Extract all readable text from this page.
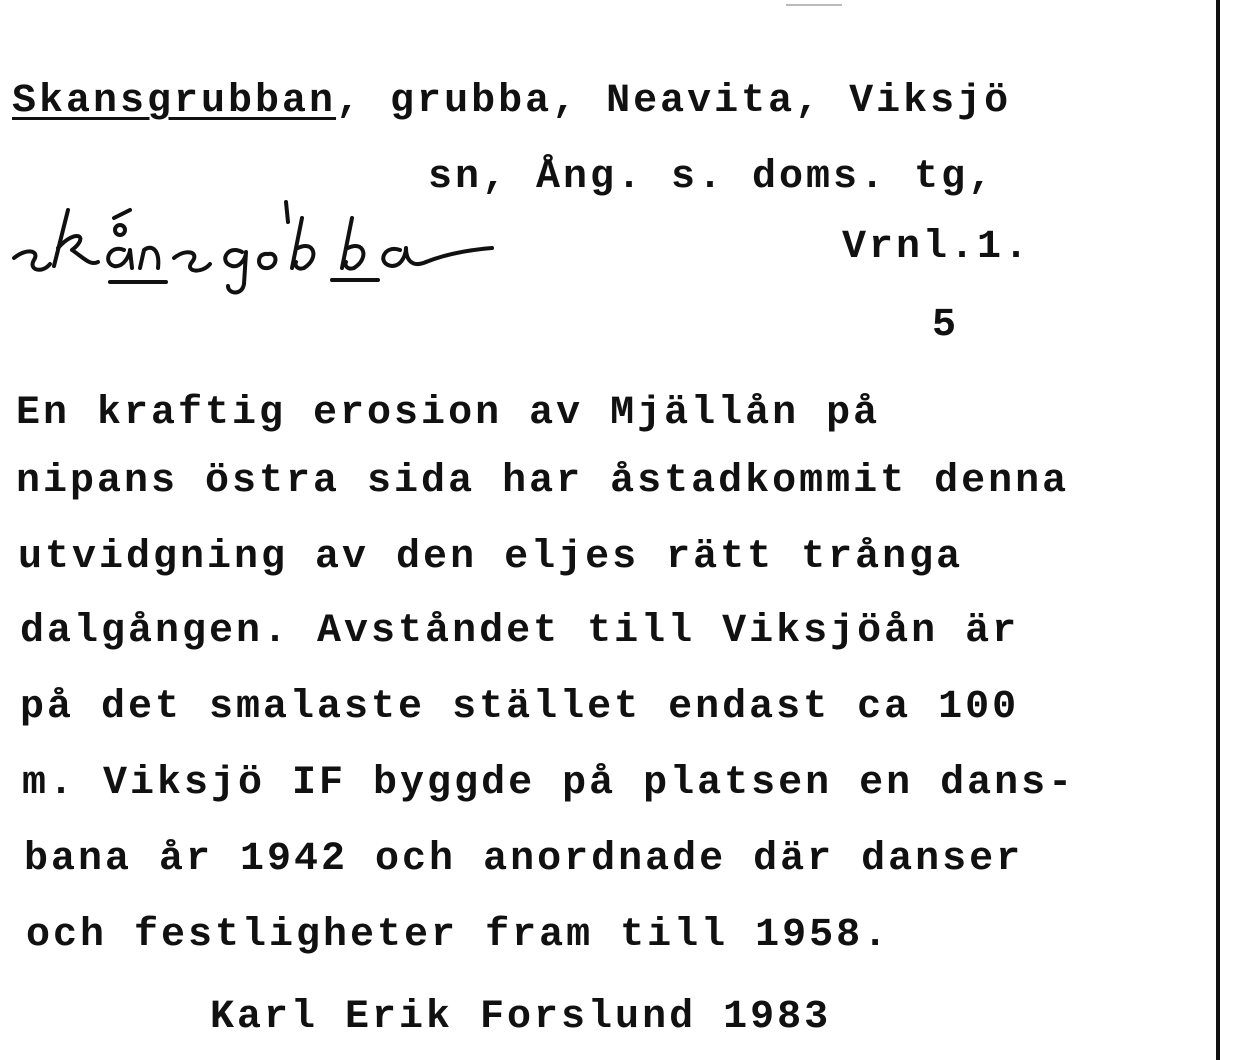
Skansgrubban, grubba, Neavita, Viksjö
sn, Ång. s. doms. tg,
Vrnl.1.
5
En kraftig erosion av Mjällån på
nipans östra sida har åstadkommit denna
utvidgning av den eljes rätt trånga
dalgången. Avståndet till Viksjöån är
på det smalaste stället endast ca 100
m. Viksjö IF byggde på platsen en dans-
bana år 1942 och anordnade där danser
och festligheter fram till 1958.
Karl Erik Forslund 1983
